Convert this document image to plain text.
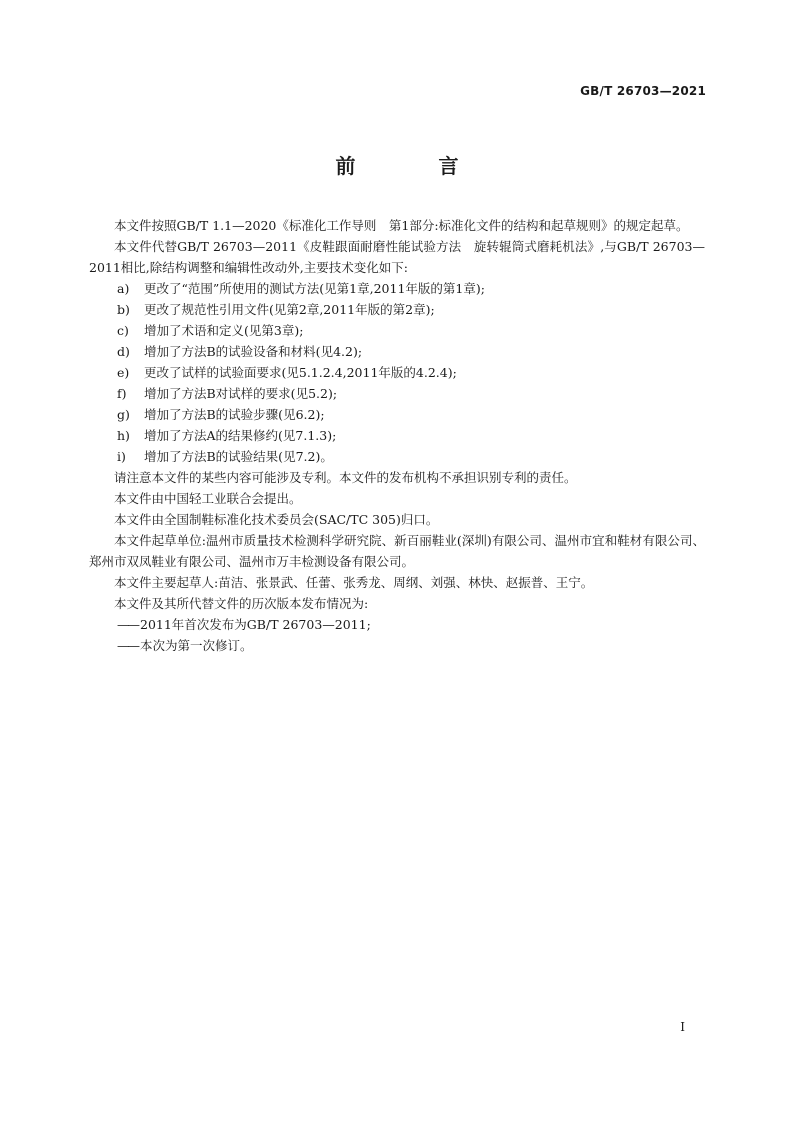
GB/T 26703—2021
前 言

本文件按照GB/T 1.1—2020《标准化工作导则　第1部分:标准化文件的结构和起草规则》的规定起草。

本文件代替GB/T 26703—2011《皮鞋跟面耐磨性能试验方法　旋转辊筒式磨耗机法》,与GB/T 26703—2011相比,除结构调整和编辑性改动外,主要技术变化如下:

a)	更改了“范围”所使用的测试方法(见第1章,2011年版的第1章);

b)	更改了规范性引用文件(见第2章,2011年版的第2章);

c)	增加了术语和定义(见第3章);

d)	增加了方法B的试验设备和材料(见4.2);

e)	更改了试样的试验面要求(见5.1.2.4,2011年版的4.2.4);

f)	增加了方法B对试样的要求(见5.2);

g)	增加了方法B的试验步骤(见6.2);

h)	增加了方法A的结果修约(见7.1.3);

i)	增加了方法B的试验结果(见7.2)。

请注意本文件的某些内容可能涉及专利。本文件的发布机构不承担识别专利的责任。

本文件由中国轻工业联合会提出。

本文件由全国制鞋标准化技术委员会(SAC/TC 305)归口。

本文件起草单位:温州市质量技术检测科学研究院、新百丽鞋业(深圳)有限公司、温州市宜和鞋材有限公司、郑州市双凤鞋业有限公司、温州市万丰检测设备有限公司。

本文件主要起草人:苗洁、张景武、任蕾、张秀龙、周纲、刘强、林快、赵振普、王宁。

本文件及其所代替文件的历次版本发布情况为:

—— 2011年首次发布为GB/T 26703—2011;

—— 本次为第一次修订。

I
